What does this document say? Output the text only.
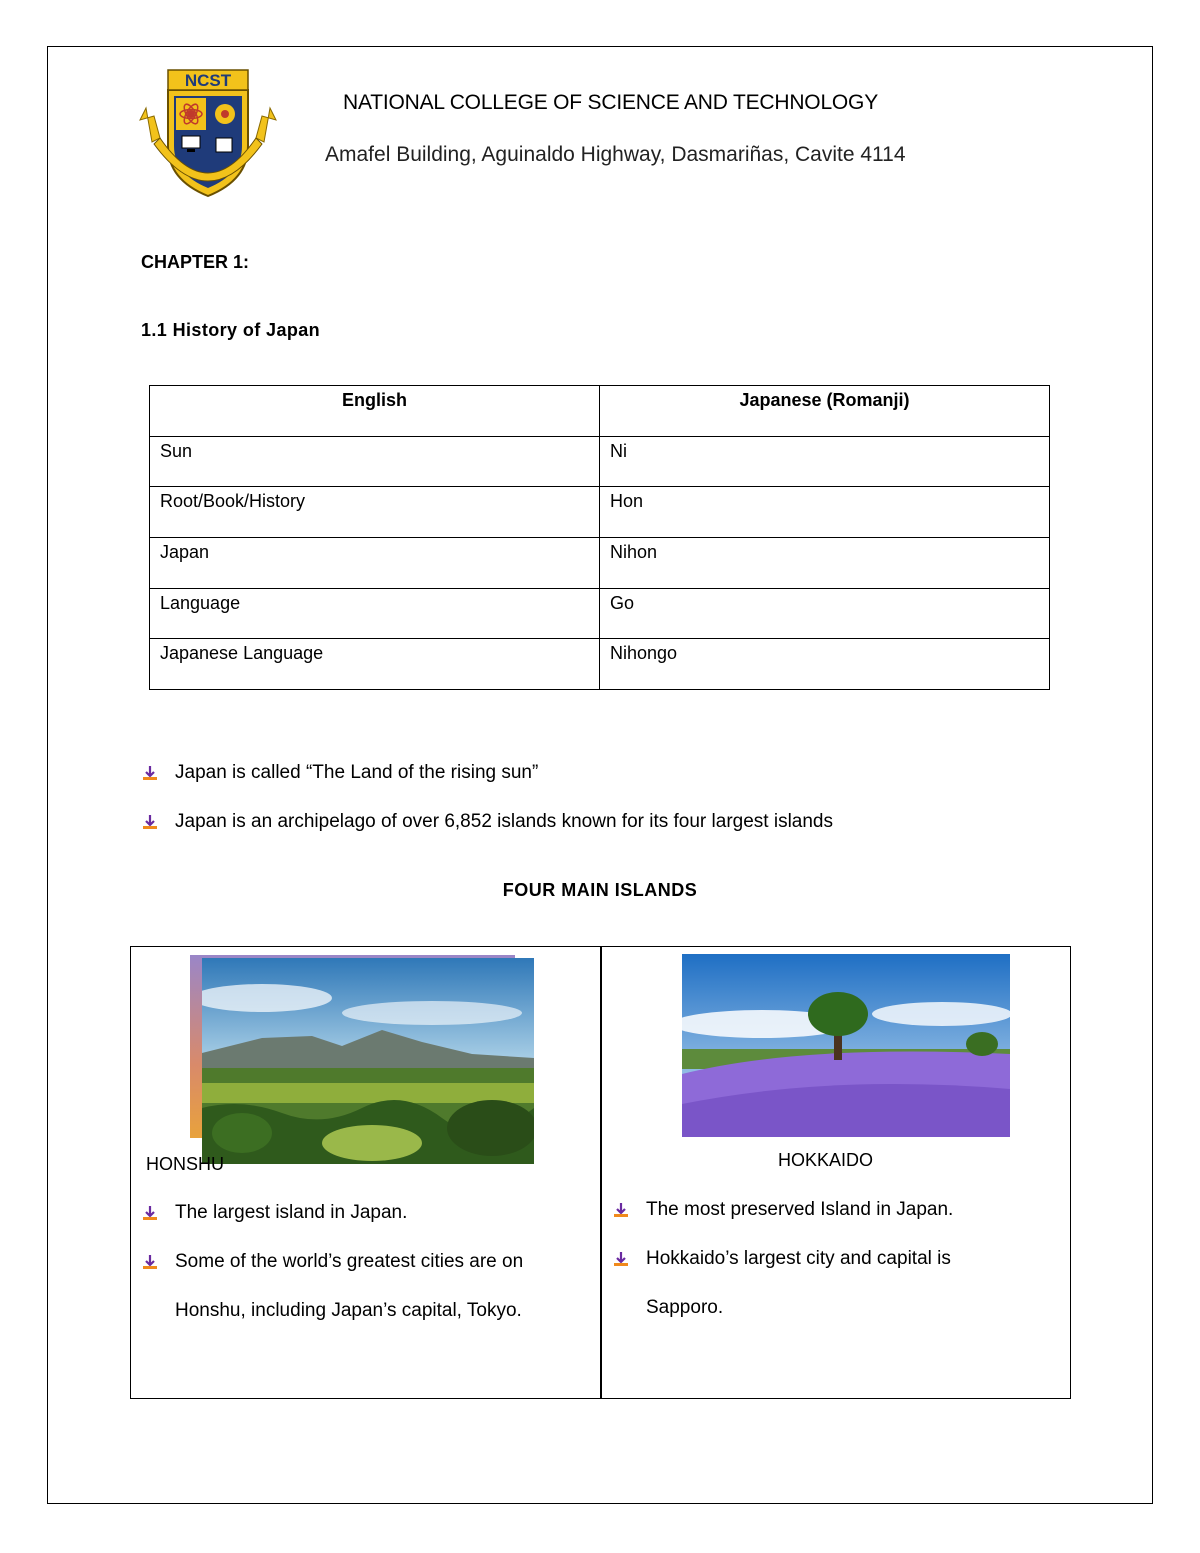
NCST
NATIONAL COLLEGE OF SCIENCE AND TECHNOLOGY
Amafel Building, Aguinaldo Highway, Dasmariñas, Cavite 4114
CHAPTER 1:
1.1 History of Japan
English	Japanese (Romanji)
Sun	Ni
Root/Book/History	Hon
Japan	Nihon
Language	Go
Japanese Language	Nihongo
Japan is called “The Land of the rising sun”
Japan is an archipelago of over 6,852 islands known for its four largest islands
FOUR MAIN ISLANDS
HONSHU
The largest island in Japan.
Some of the world’s greatest cities are on
Honshu, including Japan’s capital, Tokyo.
HOKKAIDO
The most preserved Island in Japan.
Hokkaido’s largest city and capital is
Sapporo.
